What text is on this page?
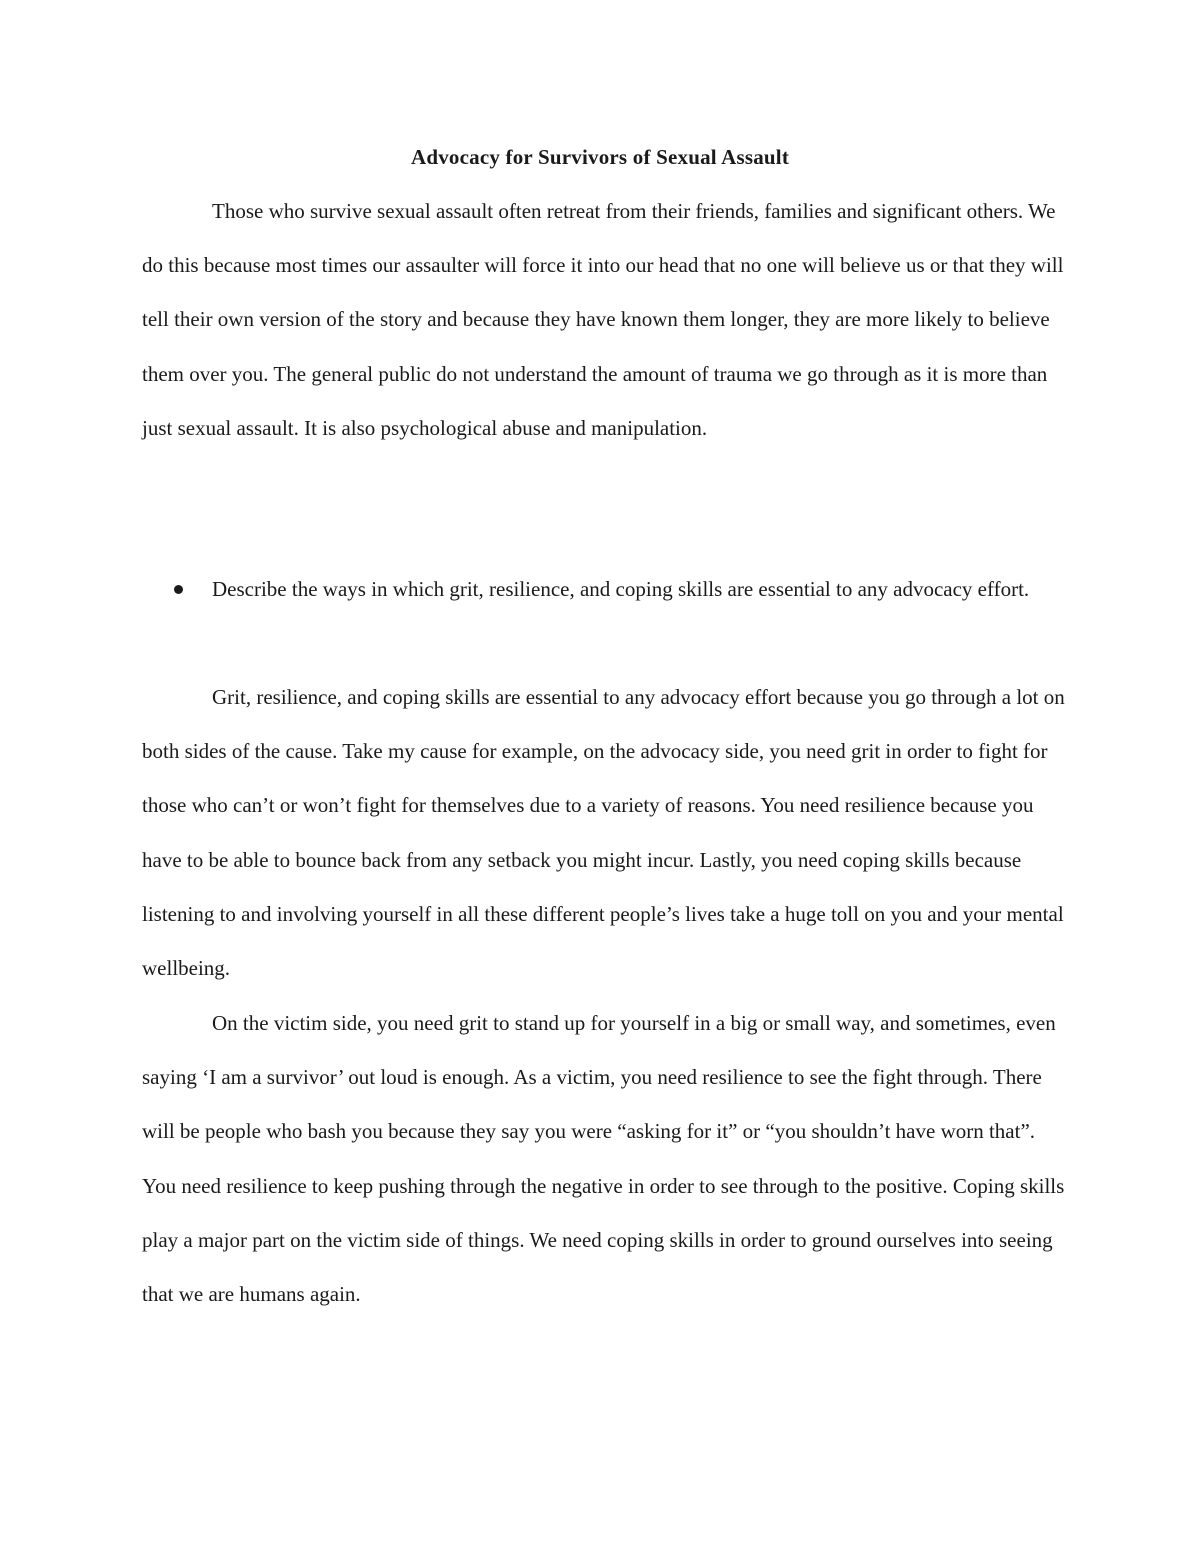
Advocacy for Survivors of Sexual Assault

Those who survive sexual assault often retreat from their friends, families and significant others. We do this because most times our assaulter will force it into our head that no one will believe us or that they will tell their own version of the story and because they have known them longer, they are more likely to believe them over you. The general public do not understand the amount of trauma we go through as it is more than just sexual assault. It is also psychological abuse and manipulation.

Describe the ways in which grit, resilience, and coping skills are essential to any advocacy effort.

Grit, resilience, and coping skills are essential to any advocacy effort because you go through a lot on both sides of the cause. Take my cause for example, on the advocacy side, you need grit in order to fight for those who can’t or won’t fight for themselves due to a variety of reasons. You need resilience because you have to be able to bounce back from any setback you might incur. Lastly, you need coping skills because listening to and involving yourself in all these different people’s lives take a huge toll on you and your mental wellbeing.

On the victim side, you need grit to stand up for yourself in a big or small way, and sometimes, even saying ‘I am a survivor’ out loud is enough. As a victim, you need resilience to see the fight through. There will be people who bash you because they say you were “asking for it” or “you shouldn’t have worn that”. You need resilience to keep pushing through the negative in order to see through to the positive. Coping skills play a major part on the victim side of things. We need coping skills in order to ground ourselves into seeing that we are humans again.
